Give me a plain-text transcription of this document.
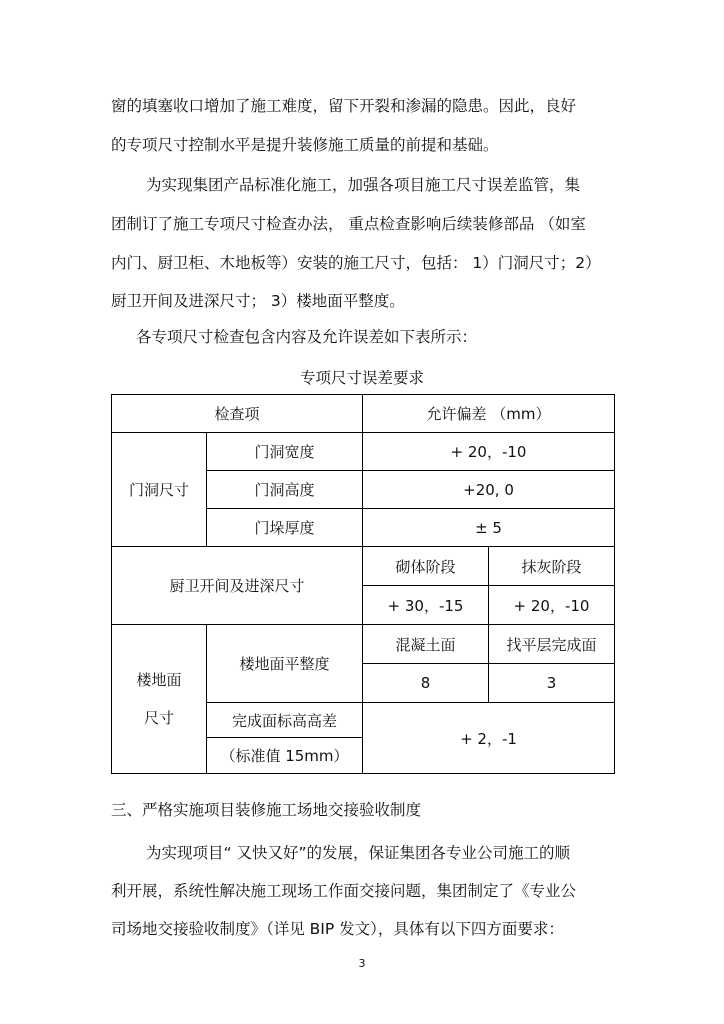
窗的填塞收口增加了施工难度，留下开裂和渗漏的隐患。因此，良好
的专项尺寸控制水平是提升装修施工质量的前提和基础。
为实现集团产品标准化施工，加强各项目施工尺寸误差监管，集
团制订了施工专项尺寸检查办法， 重点检查影响后续装修部品 （如室
内门、厨卫柜、木地板等）安装的施工尺寸，包括： 1）门洞尺寸；2）
厨卫开间及进深尺寸； 3）楼地面平整度。
各专项尺寸检查包含内容及允许误差如下表所示：
专项尺寸误差要求
检查项		允许偏差 （mm）	
门洞尺寸	门洞宽度	+ 20，-10	
	门洞高度	+20, 0	
	门垛厚度	± 5	
厨卫开间及进深尺寸		砌体阶段	抹灰阶段
		+ 30，-15	+ 20，-10
楼地面
尺寸	楼地面平整度	混凝土面	找平层完成面
		8	3
	完成面标高高差	+ 2，-1	
	（标准值 15mm）		
三、严格实施项目装修施工场地交接验收制度
为实现项目“ 又快又好”的发展，保证集团各专业公司施工的顺
利开展，系统性解决施工现场工作面交接问题，集团制定了《专业公
司场地交接验收制度》（详见 BIP 发文），具体有以下四方面要求：
3
